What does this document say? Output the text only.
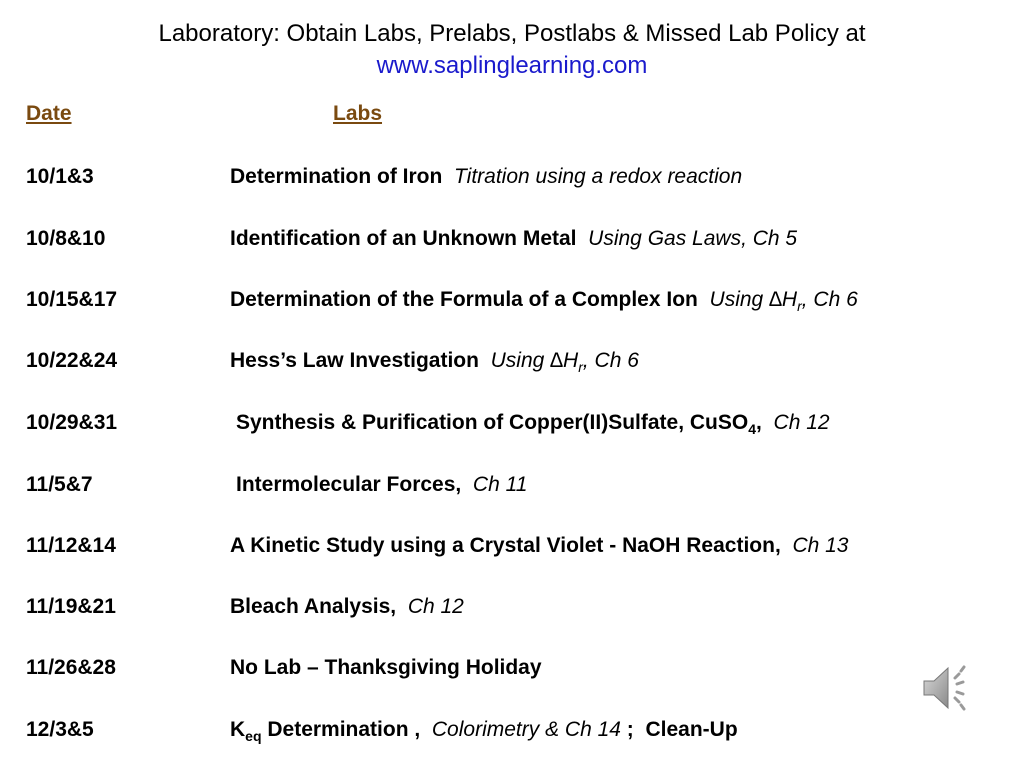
Laboratory: Obtain Labs, Prelabs, Postlabs & Missed Lab Policy at
www.saplinglearning.com
Date	Labs
10/1&3	Determination of Iron Titration using a redox reaction
10/8&10	Identification of an Unknown Metal Using Gas Laws, Ch 5
10/15&17	Determination of the Formula of a Complex Ion Using $\Delta H_r$, Ch 6
10/22&24	Hess’s Law Investigation Using $\Delta H_r$, Ch 6
10/29&31	Synthesis & Purification of Copper(II)Sulfate, CuSO$_4$, Ch 12
11/5&7	Intermolecular Forces, Ch 11
11/12&14	A Kinetic Study using a Crystal Violet - NaOH Reaction, Ch 13
11/19&21	Bleach Analysis, Ch 12
11/26&28	No Lab – Thanksgiving Holiday
12/3&5	$K_{eq}$ Determination , Colorimetry & Ch 14 ; Clean-Up
